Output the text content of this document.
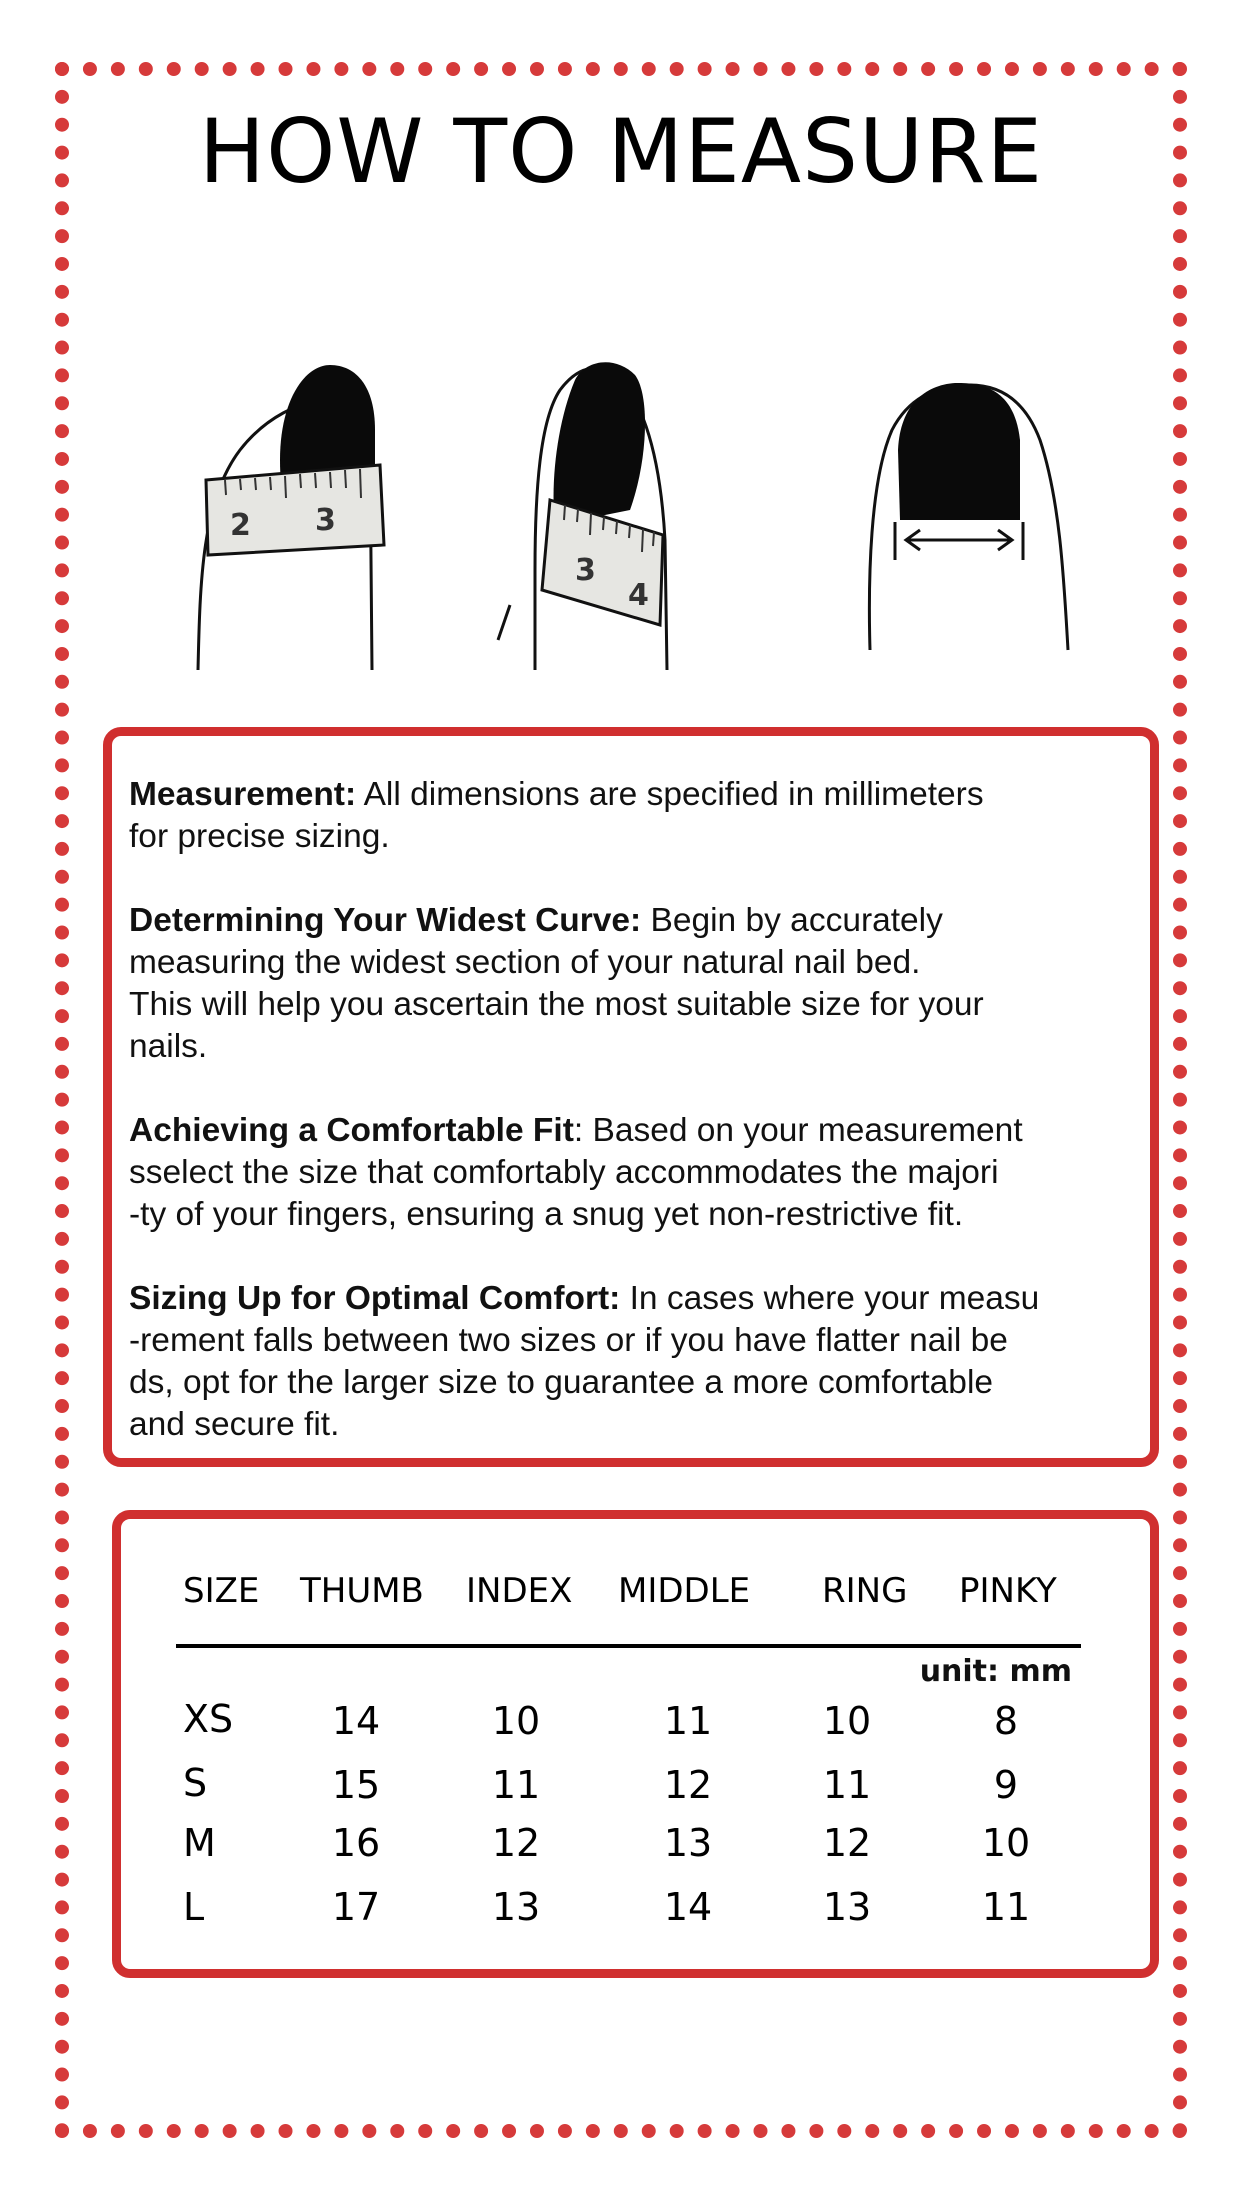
HOW TO MEASURE
2 3
3
4

Measurement: All dimensions are specified in millimeters
for precise sizing.

Determining Your Widest Curve: Begin by accurately
measuring the widest section of your natural nail bed.
This will help you ascertain the most suitable size for your
nails.

Achieving a Comfortable Fit: Based on your measurement
sselect the size that comfortably accommodates the majori
-ty of your fingers, ensuring a snug yet non-restrictive fit.

Sizing Up for Optimal Comfort: In cases where your measu
-rement falls between two sizes or if you have flatter nail be
ds, opt for the larger size to guarantee a more comfortable
and secure fit.

SIZE THUMB INDEX MIDDLE RING PINKY
unit: mm
XS	14	10	11	10	8
S	15	11	12	11	9
M	16	12	13	12	10
L	17	13	14	13	11
